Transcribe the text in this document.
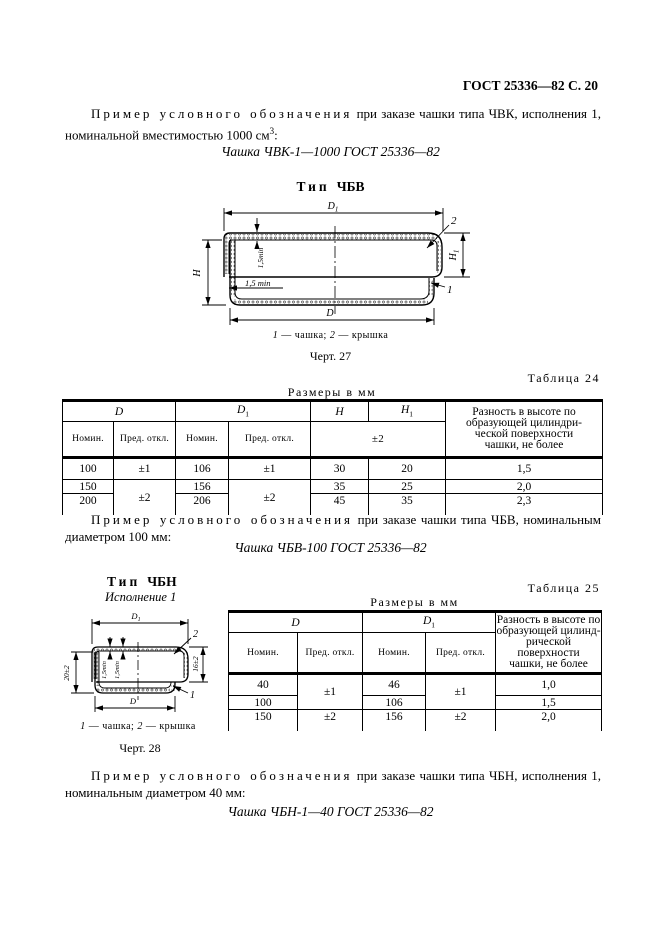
ГОСТ 25336—82 С. 20

Пример условного обозначения при заказе чашки типа ЧВК, исполнения 1, номинальной вместимостью 1000 $см^3$:

Чашка ЧВК-1—1000 ГОСТ 25336—82
Тип ЧБВ
$D_1$
D
H
$H_1$
1,5min
1,5 min
2
1
1 — чашка; 2 — крышка
Черт. 27
Таблица 24
Размеры в мм
D		$D_1$		H	$H_1$	Разность в высоте по
образующей цилиндри-
ческой поверхности
чашки, не более

Номин.	Пред. откл.	Номин.	Пред. откл.	±2		
100	±1	106	±1	30	20	1,5
150	±2	156	±2	35	25	2,0
200		206		45	35	2,3

Пример условного обозначения при заказе чашки типа ЧБВ, номинальным диаметром 100 мм:

Чашка ЧБВ-100 ГОСТ 25336—82
Тип ЧБН
Исполнение 1
Таблица 25
Размеры в мм
D		$D_1$		Разность в высоте по
образующей цилинд-
рической поверхности
чашки, не более

Номин.	Пред. откл.	Номин.	Пред. откл.	
40	±1	46	±1	1,0
100		106		1,5
150	±2	156	±2	2,0
$D_1$
D
20±2
16±2
1,5min 1,5min
2
1
1 — чашка; 2 — крышка
Черт. 28

Пример условного обозначения при заказе чашки типа ЧБН, исполнения 1, номинальным диаметром 40 мм:

Чашка ЧБН-1—40 ГОСТ 25336—82
